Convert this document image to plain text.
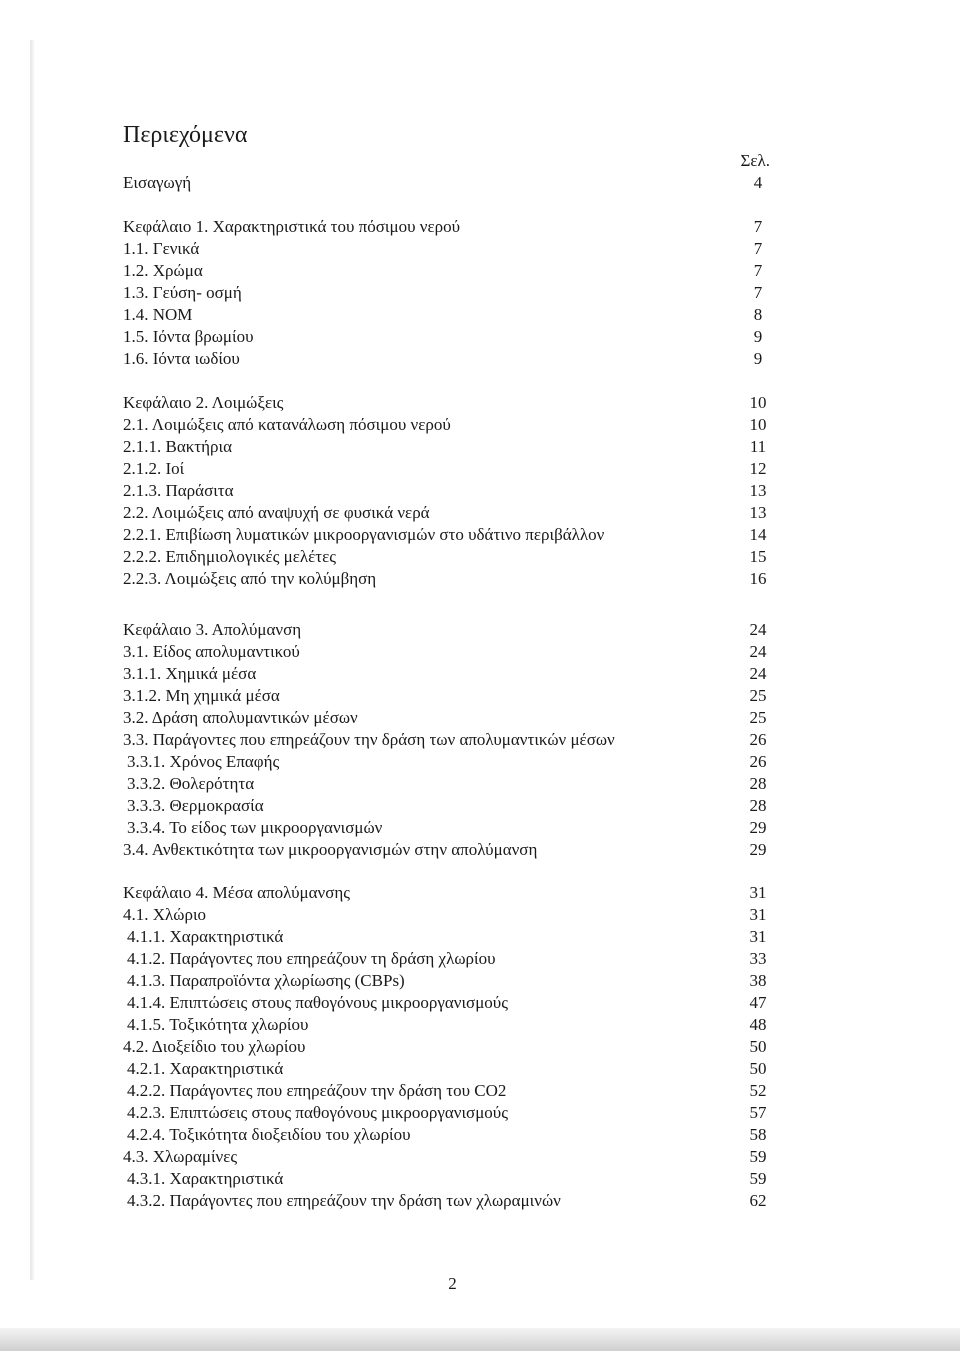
Περιεχόμενα
Σελ.
Εισαγωγή	4
Κεφάλαιο 1. Χαρακτηριστικά του πόσιμου νερού	7
1.1. Γενικά	7
1.2. Χρώμα	7
1.3. Γεύση- οσμή	7
1.4. ΝΟΜ	8
1.5. Ιόντα βρωμίου	9
1.6. Ιόντα ιωδίου	9
Κεφάλαιο 2. Λοιμώξεις	10
2.1. Λοιμώξεις από κατανάλωση πόσιμου νερού	10
2.1.1. Βακτήρια	11
2.1.2. Ιοί	12
2.1.3. Παράσιτα	13
2.2. Λοιμώξεις από αναψυχή σε φυσικά νερά	13
2.2.1. Επιβίωση λυματικών μικροοργανισμών στο υδάτινο περιβάλλον	14
2.2.2. Επιδημιολογικές μελέτες	15
2.2.3. Λοιμώξεις από την κολύμβηση	16
Κεφάλαιο 3. Απολύμανση	24
3.1. Είδος απολυμαντικού	24
3.1.1. Χημικά μέσα	24
3.1.2. Μη χημικά μέσα	25
3.2. Δράση απολυμαντικών μέσων	25
3.3. Παράγοντες που επηρεάζουν την δράση των απολυμαντικών μέσων	26
3.3.1. Χρόνος Επαφής	26
3.3.2. Θολερότητα	28
3.3.3. Θερμοκρασία	28
3.3.4. Το είδος των μικροοργανισμών	29
3.4. Ανθεκτικότητα των μικροοργανισμών στην απολύμανση	29
Κεφάλαιο 4. Μέσα απολύμανσης	31
4.1. Χλώριο	31
4.1.1. Χαρακτηριστικά	31
4.1.2. Παράγοντες που επηρεάζουν τη δράση χλωρίου	33
4.1.3. Παραπροϊόντα χλωρίωσης (CBPs)	38
4.1.4. Επιπτώσεις στους παθογόνους μικροοργανισμούς	47
4.1.5. Τοξικότητα χλωρίου	48
4.2. Διοξείδιο του χλωρίου	50
4.2.1. Χαρακτηριστικά	50
4.2.2. Παράγοντες που επηρεάζουν την δράση του CO2	52
4.2.3. Επιπτώσεις στους παθογόνους μικροοργανισμούς	57
4.2.4. Τοξικότητα διοξειδίου του χλωρίου	58
4.3. Χλωραμίνες	59
4.3.1. Χαρακτηριστικά	59
4.3.2. Παράγοντες που επηρεάζουν την δράση των χλωραμινών	62
2
